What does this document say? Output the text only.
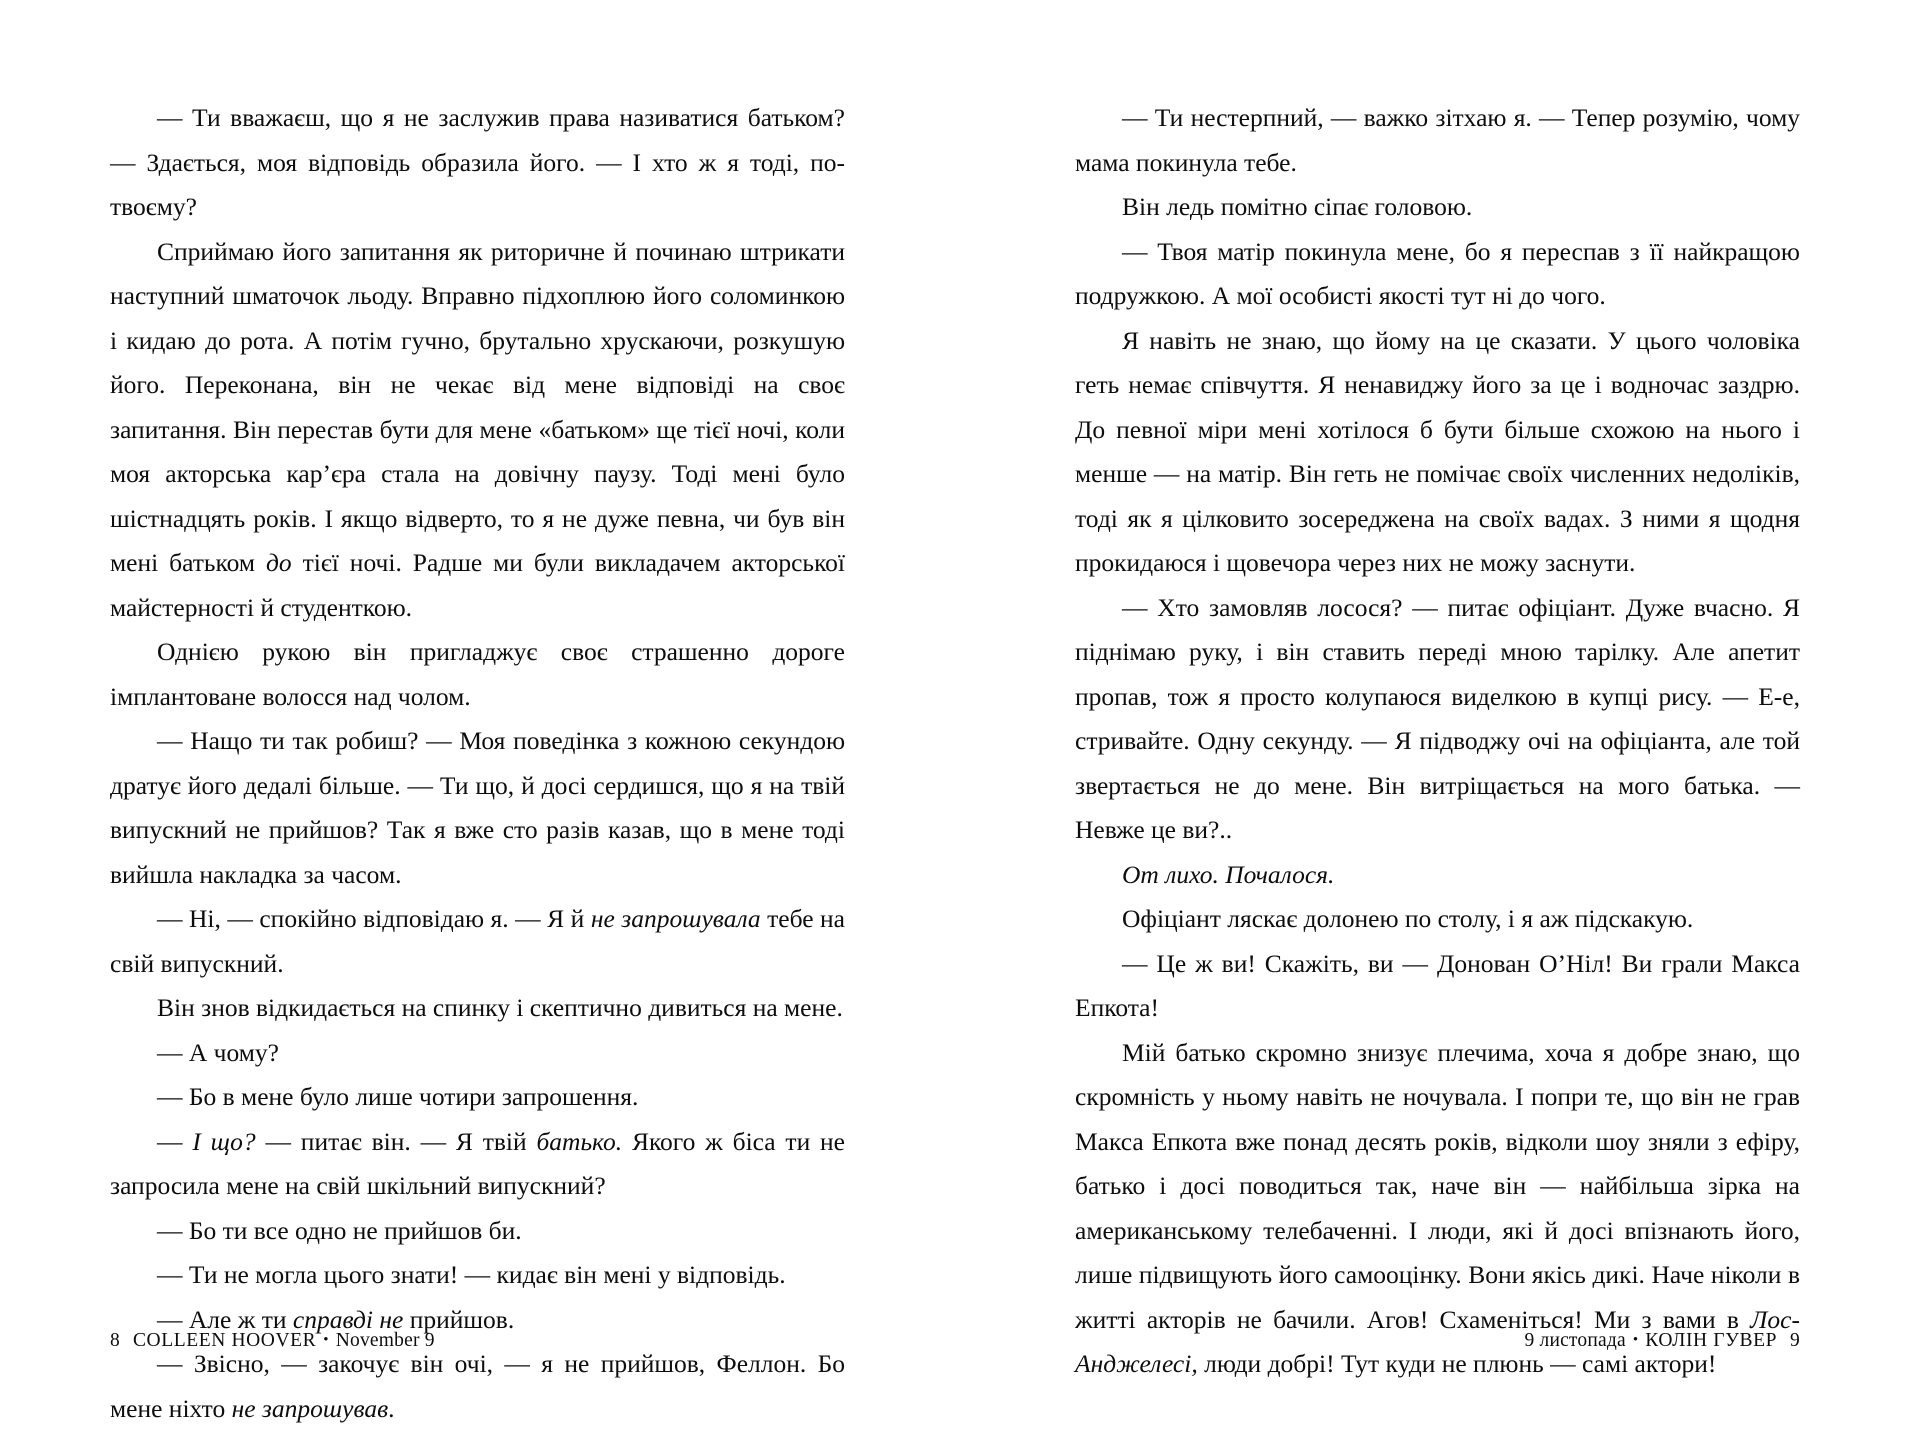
— Ти вважаєш, що я не заслужив права називатися батьком? — Здається, моя відповідь образила його. — І хто ж я тоді, по-твоєму?

Сприймаю його запитання як риторичне й починаю штрикати наступний шматочок льоду. Вправно підхоплюю його соломинкою і кидаю до рота. А потім гучно, брутально хрускаючи, розкушую його. Переконана, він не чекає від мене відповіді на своє запитання. Він перестав бути для мене «батьком» ще тієї ночі, коли моя акторська кар’єра стала на довічну паузу. Тоді мені було шістнадцять років. І якщо відверто, то я не дуже певна, чи був він мені батьком до тієї ночі. Радше ми були викладачем акторської майстерності й студенткою.

Однією рукою він пригладжує своє страшенно дороге імплантоване волосся над чолом.

— Нащо ти так робиш? — Моя поведінка з кожною секундою дратує його дедалі більше. — Ти що, й досі сердишся, що я на твій випускний не прийшов? Так я вже сто разів казав, що в мене тоді вийшла накладка за часом.

— Ні, — спокійно відповідаю я. — Я й не запрошувала тебе на свій випускний.

Він знов відкидається на спинку і скептично дивиться на мене.

— А чому?

— Бо в мене було лише чотири запрошення.

— І що? — питає він. — Я твій батько. Якого ж біса ти не запросила мене на свій шкільний випускний?

— Бо ти все одно не прийшов би.

— Ти не могла цього знати! — кидає він мені у відповідь.

— Але ж ти справді не прийшов.

— Звісно, — закочує він очі, — я не прийшов, Феллон. Бо мене ніхто не запрошував.

8 COLLEEN HOOVER • November 9

— Ти нестерпний, — важко зітхаю я. — Тепер розумію, чому мама покинула тебе.

Він ледь помітно сіпає головою.

— Твоя матір покинула мене, бо я переспав з її найкращою подружкою. А мої особисті якості тут ні до чого.

Я навіть не знаю, що йому на це сказати. У цього чоловіка геть немає співчуття. Я ненавиджу його за це і водночас заздрю. До певної міри мені хотілося б бути більше схожою на нього і менше — на матір. Він геть не помічає своїх численних недоліків, тоді як я цілковито зосереджена на своїх вадах. З ними я щодня прокидаюся і щовечора через них не можу заснути.

— Хто замовляв лосося? — питає офіціант. Дуже вчасно. Я піднімаю руку, і він ставить переді мною тарілку. Але апетит пропав, тож я просто колупаюся виделкою в купці рису. — Е-е, стривайте. Одну секунду. — Я підводжу очі на офіціанта, але той звертається не до мене. Він витріщається на мого батька. — Невже це ви?..

От лихо. Почалося.

Офіціант ляскає долонею по столу, і я аж підскакую.

— Це ж ви! Скажіть, ви — Донован О’Ніл! Ви грали Макса Епкота!

Мій батько скромно знизує плечима, хоча я добре знаю, що скромність у ньому навіть не ночувала. І попри те, що він не грав Макса Епкота вже понад десять років, відколи шоу зняли з ефіру, батько і досі поводиться так, наче він — найбільша зірка на американському телебаченні. І люди, які й досі впізнають його, лише підвищують його самооцінку. Вони якісь дикі. Наче ніколи в житті акторів не бачили. Агов! Схаменіться! Ми з вами в Лос-Анджелесі, люди добрі! Тут куди не плюнь — самі актори!

9 листопада • КОЛІН ГУВЕР 9
